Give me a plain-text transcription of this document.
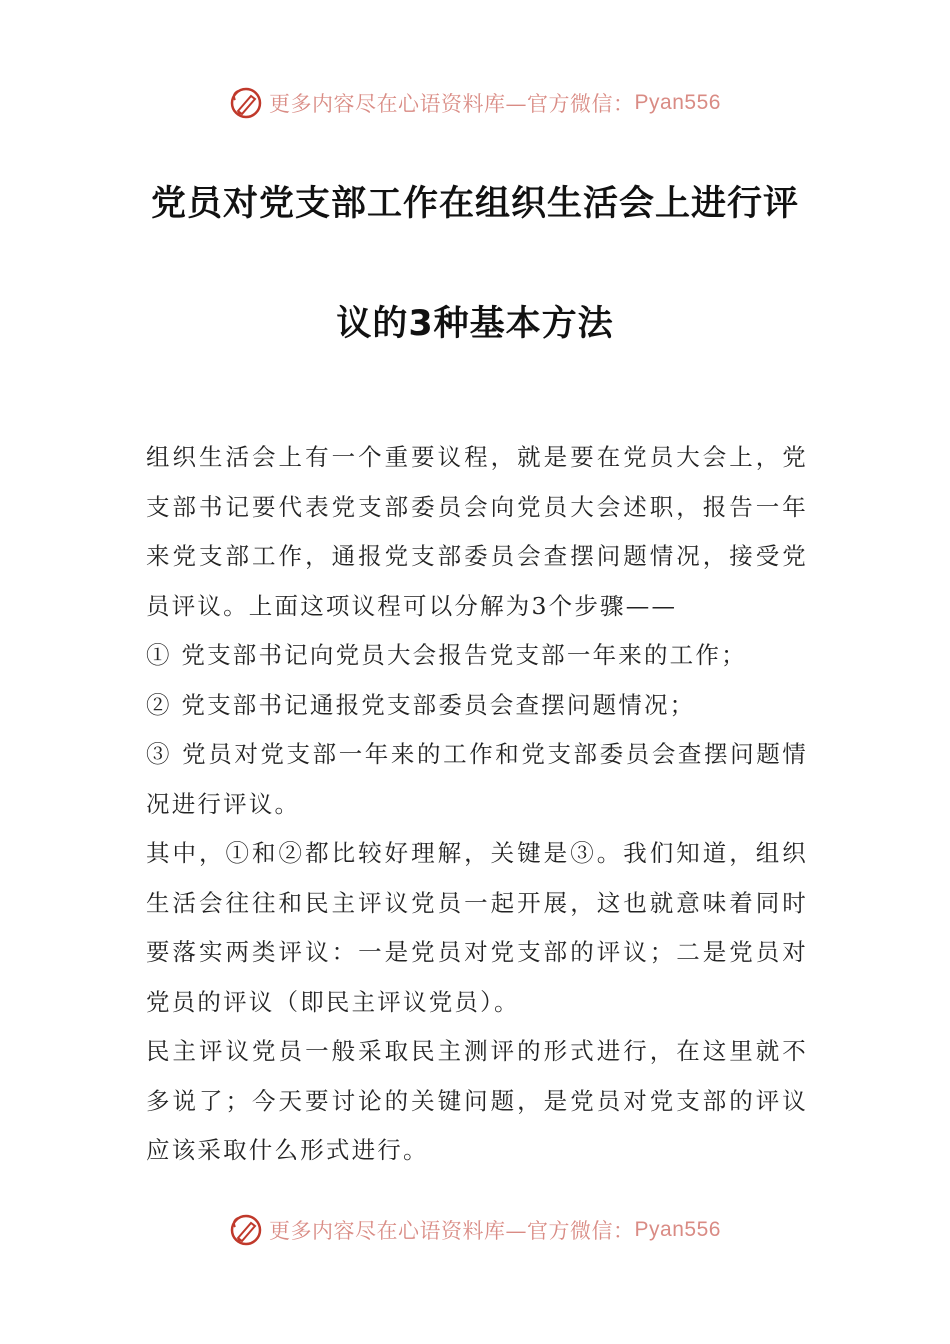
更多内容尽在心语资料库—官方微信： Pyan556
党员对党支部工作在组织生活会上进行评
议的3种基本方法

组织生活会上有一个重要议程，就是要在党员大会上，党支部书记要代表党支部委员会向党员大会述职，报告一年来党支部工作，通报党支部委员会查摆问题情况，接受党员评议。上面这项议程可以分解为3个步骤——

① 党支部书记向党员大会报告党支部一年来的工作；

② 党支部书记通报党支部委员会查摆问题情况；

③ 党员对党支部一年来的工作和党支部委员会查摆问题情况进行评议。

其中，①和②都比较好理解，关键是③。我们知道，组织生活会往往和民主评议党员一起开展，这也就意味着同时要落实两类评议：一是党员对党支部的评议；二是党员对党员的评议（即民主评议党员）。

民主评议党员一般采取民主测评的形式进行，在这里就不多说了；今天要讨论的关键问题，是党员对党支部的评议应该采取什么形式进行。

更多内容尽在心语资料库—官方微信： Pyan556
